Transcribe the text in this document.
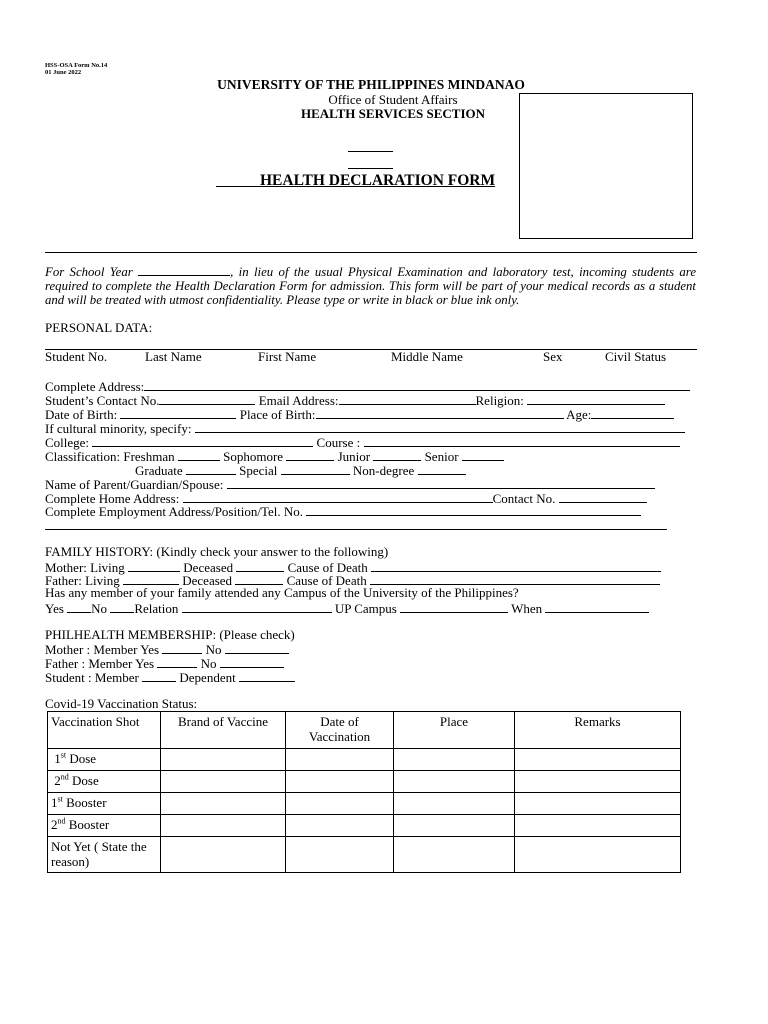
HSS-OSA Form No.14
01 June 2022
UNIVERSITY OF THE PHILIPPINES MINDANAO
Office of Student Affairs
HEALTH SERVICES SECTION
HEALTH DECLARATION FORM
For School Year	, in lieu of the usual Physical Examination and laboratory test, incoming students are required to complete the Health Declaration Form for admission. This form will be part of your medical records as a student and will be treated with utmost confidentiality. Please type or write in black or blue ink only.
PERSONAL DATA:
Student No.	Last Name	First Name	Middle Name	Sex	Civil Status
Complete Address:
Student’s Contact No.	Email Address:	Religion:
Date of Birth:	Place of Birth:	Age:
If cultural minority, specify:
College:	Course :
Classification: Freshman	Sophomore	Junior	Senior
Graduate	Special	Non-degree
Name of Parent/Guardian/Spouse:
Complete Home Address:	Contact No.
Complete Employment Address/Position/Tel. No.
FAMILY HISTORY: (Kindly check your answer to the following)
Mother: Living	Deceased	Cause of Death
Father: Living	Deceased	Cause of Death
Has any member of your family attended any Campus of the University of the Philippines?
Yes No Relation	UP Campus	When
PHILHEALTH MEMBERSHIP: (Please check)
Mother : Member Yes	No
Father : Member Yes	No
Student : Member	Dependent
Covid-19 Vaccination Status:
Vaccination Shot	Brand of Vaccine	Date of Vaccination	Place	Remarks
1st Dose				
2nd Dose				
1st Booster				
2nd Booster				
Not Yet ( State the reason)				
